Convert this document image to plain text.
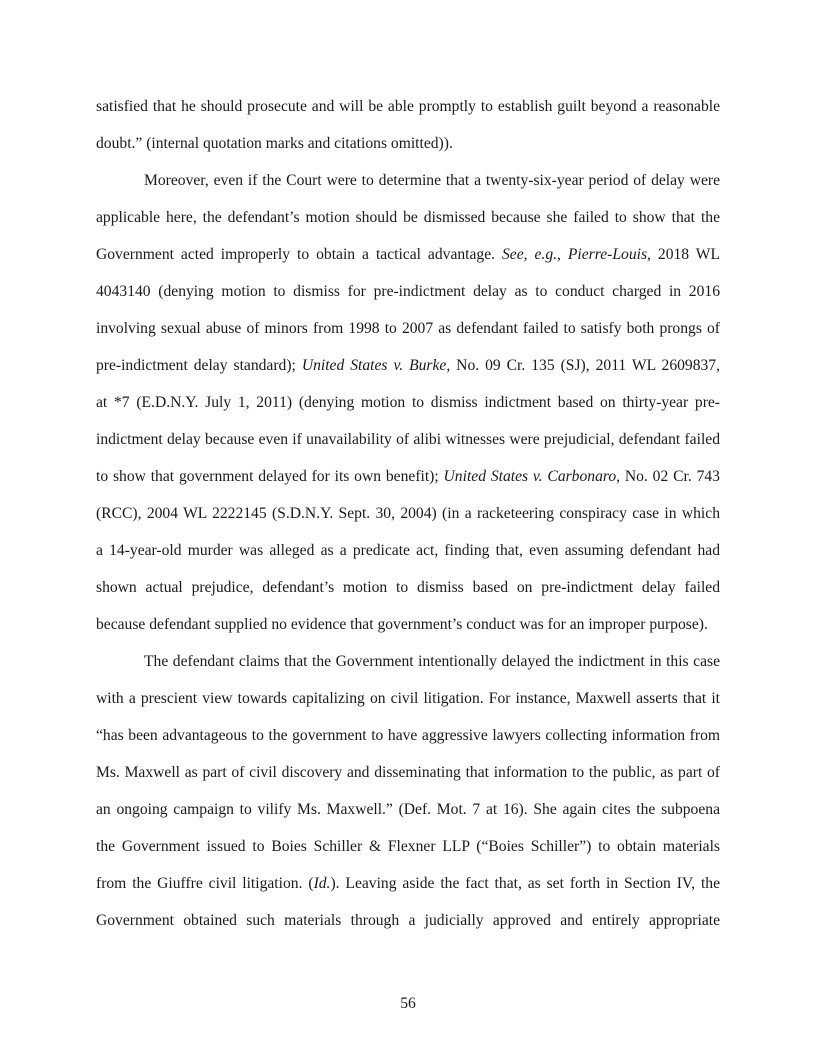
satisfied that he should prosecute and will be able promptly to establish guilt beyond a reasonable
doubt.” (internal quotation marks and citations omitted)).
Moreover, even if the Court were to determine that a twenty-six-year period of delay were
applicable here, the defendant’s motion should be dismissed because she failed to show that the
Government acted improperly to obtain a tactical advantage. See, e.g., Pierre-Louis, 2018 WL
4043140 (denying motion to dismiss for pre-indictment delay as to conduct charged in 2016
involving sexual abuse of minors from 1998 to 2007 as defendant failed to satisfy both prongs of
pre-indictment delay standard); United States v. Burke, No. 09 Cr. 135 (SJ), 2011 WL 2609837,
at *7 (E.D.N.Y. July 1, 2011) (denying motion to dismiss indictment based on thirty-year pre-
indictment delay because even if unavailability of alibi witnesses were prejudicial, defendant failed
to show that government delayed for its own benefit); United States v. Carbonaro, No. 02 Cr. 743
(RCC), 2004 WL 2222145 (S.D.N.Y. Sept. 30, 2004) (in a racketeering conspiracy case in which
a 14-year-old murder was alleged as a predicate act, finding that, even assuming defendant had
shown actual prejudice, defendant’s motion to dismiss based on pre-indictment delay failed
because defendant supplied no evidence that government’s conduct was for an improper purpose).
The defendant claims that the Government intentionally delayed the indictment in this case
with a prescient view towards capitalizing on civil litigation. For instance, Maxwell asserts that it
“has been advantageous to the government to have aggressive lawyers collecting information from
Ms. Maxwell as part of civil discovery and disseminating that information to the public, as part of
an ongoing campaign to vilify Ms. Maxwell.” (Def. Mot. 7 at 16). She again cites the subpoena
the Government issued to Boies Schiller & Flexner LLP (“Boies Schiller”) to obtain materials
from the Giuffre civil litigation. (Id.). Leaving aside the fact that, as set forth in Section IV, the
Government obtained such materials through a judicially approved and entirely appropriate
56
